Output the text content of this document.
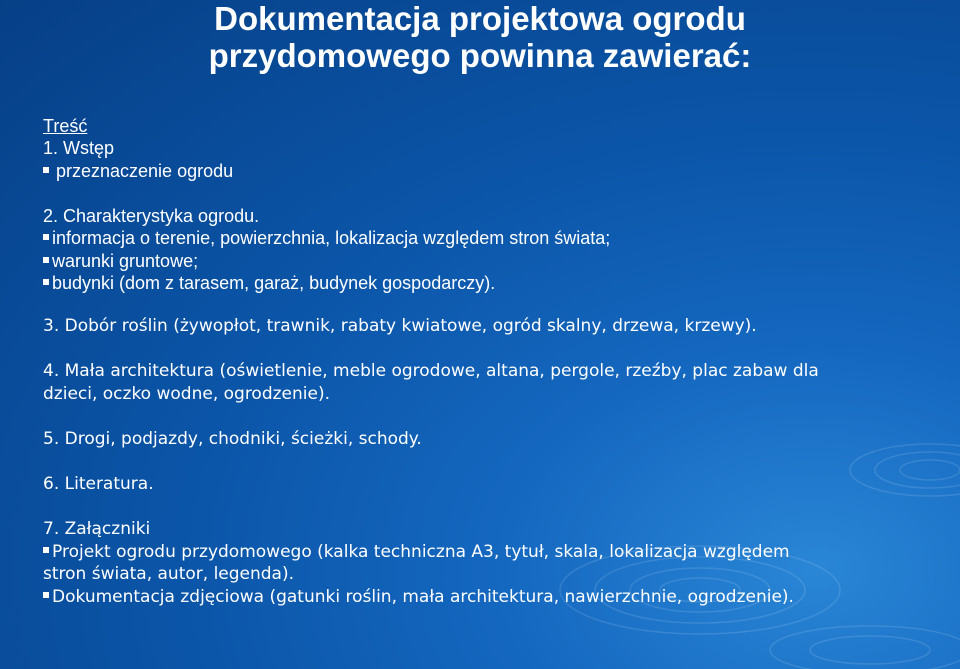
Dokumentacja projektowa ogrodu
przydomowego powinna zawierać:
Treść
1. Wstęp
przeznaczenie ogrodu
2. Charakterystyka ogrodu.
informacja o terenie, powierzchnia, lokalizacja względem stron świata;
warunki gruntowe;
budynki (dom z tarasem, garaż, budynek gospodarczy).
3. Dobór roślin (żywopłot, trawnik, rabaty kwiatowe, ogród skalny, drzewa, krzewy).
4. Mała architektura (oświetlenie, meble ogrodowe, altana, pergole, rzeźby, plac zabaw dla
dzieci, oczko wodne, ogrodzenie).
5. Drogi, podjazdy, chodniki, ścieżki, schody.
6. Literatura.
7. Załączniki
Projekt ogrodu przydomowego (kalka techniczna A3, tytuł, skala, lokalizacja względem
stron świata, autor, legenda).
Dokumentacja zdjęciowa (gatunki roślin, mała architektura, nawierzchnie, ogrodzenie).
